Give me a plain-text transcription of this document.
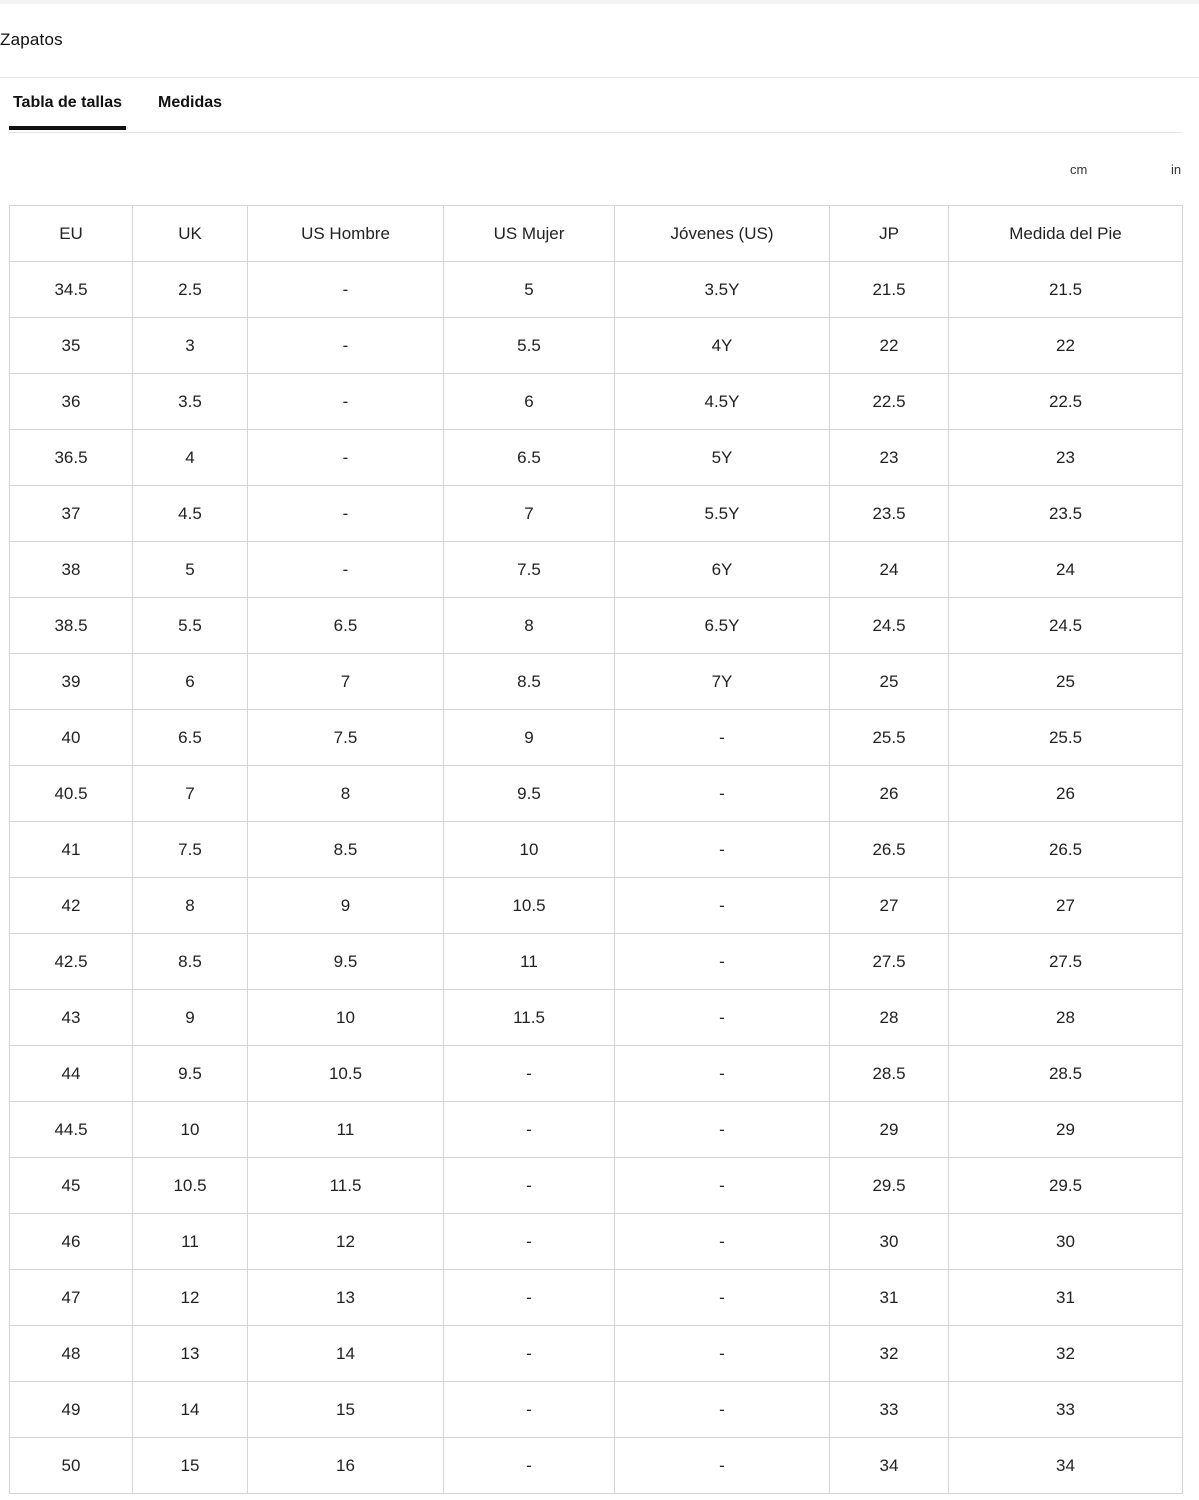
Zapatos
Tabla de tallas Medidas
cm	in
EU	UK	US Hombre	US Mujer	Jóvenes (US)	JP	Medida del Pie
34.5	2.5	-	5	3.5Y	21.5	21.5
35	3	-	5.5	4Y	22	22
36	3.5	-	6	4.5Y	22.5	22.5
36.5	4	-	6.5	5Y	23	23
37	4.5	-	7	5.5Y	23.5	23.5
38	5	-	7.5	6Y	24	24
38.5	5.5	6.5	8	6.5Y	24.5	24.5
39	6	7	8.5	7Y	25	25
40	6.5	7.5	9	-	25.5	25.5
40.5	7	8	9.5	-	26	26
41	7.5	8.5	10	-	26.5	26.5
42	8	9	10.5	-	27	27
42.5	8.5	9.5	11	-	27.5	27.5
43	9	10	11.5	-	28	28
44	9.5	10.5	-	-	28.5	28.5
44.5	10	11	-	-	29	29
45	10.5	11.5	-	-	29.5	29.5
46	11	12	-	-	30	30
47	12	13	-	-	31	31
48	13	14	-	-	32	32
49	14	15	-	-	33	33
50	15	16	-	-	34	34
